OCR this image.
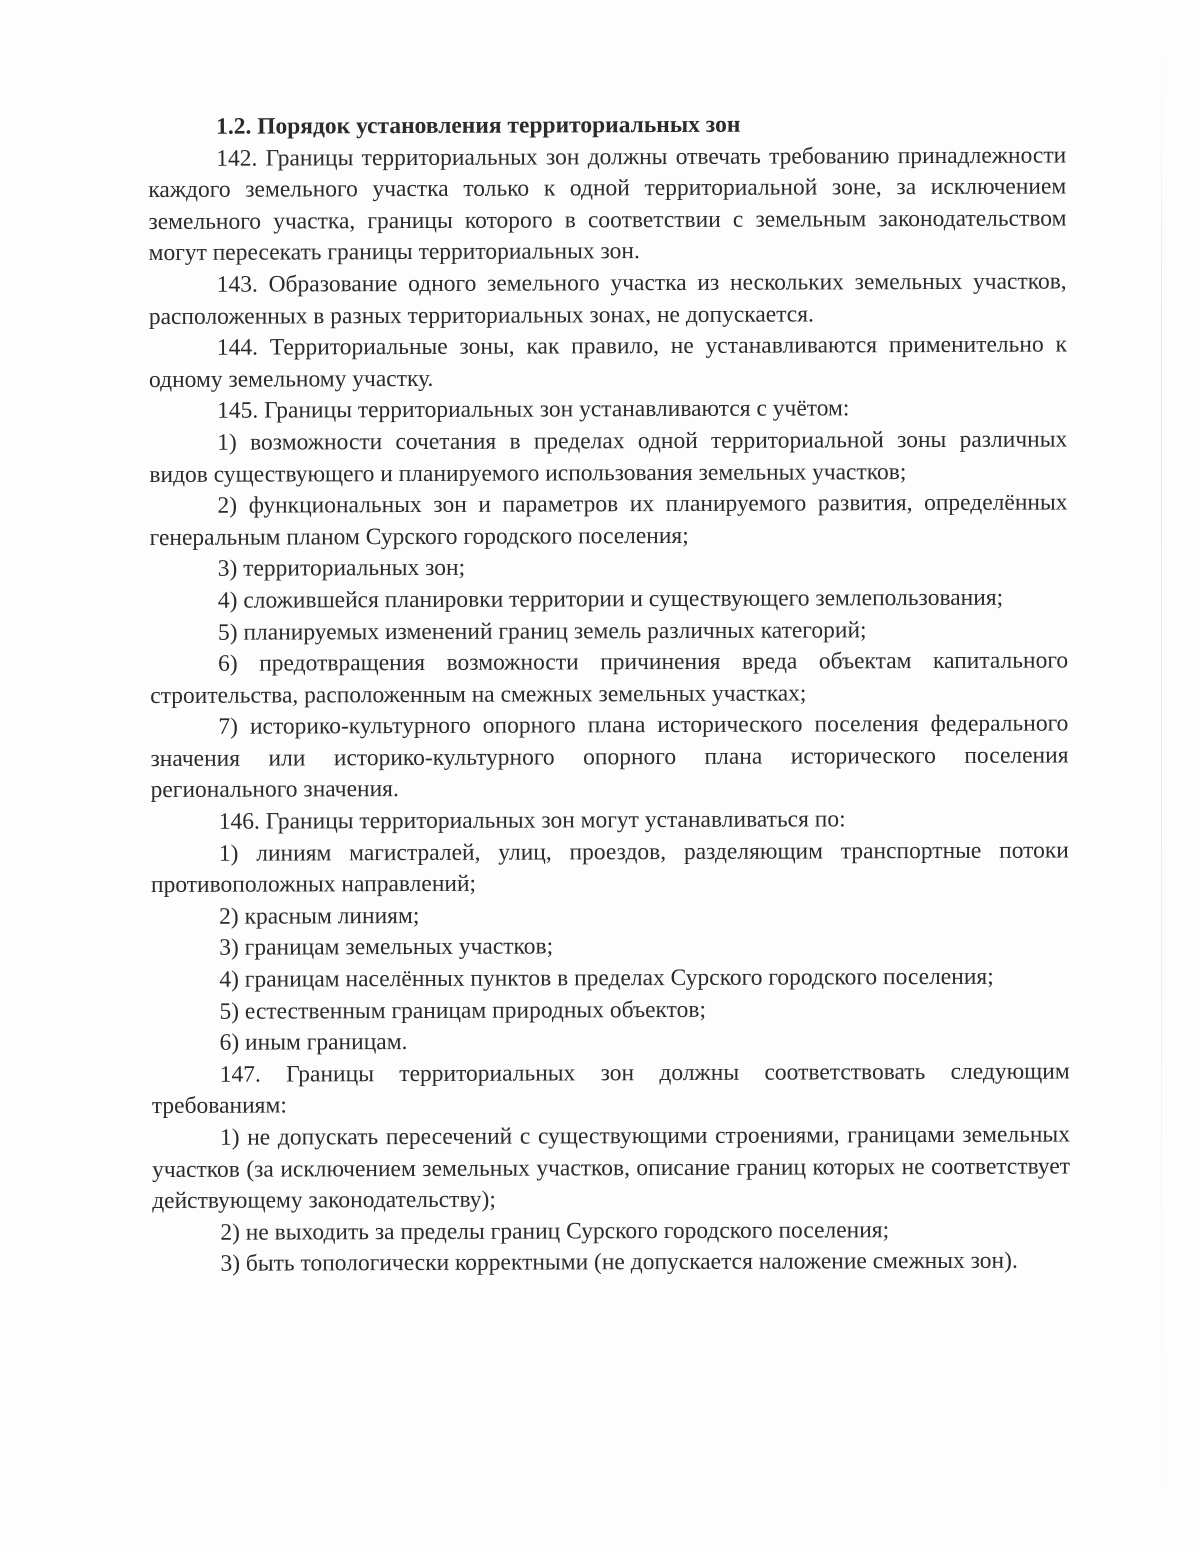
1.2. Порядок установления территориальных зон

142. Границы территориальных зон должны отвечать требованию принадлежности каждого земельного участка только к одной территориальной зоне, за исключением земельного участка, границы которого в соответствии с земельным законодательством могут пересекать границы территориальных зон.

143. Образование одного земельного участка из нескольких земельных участков, расположенных в разных территориальных зонах, не допускается.

144. Территориальные зоны, как правило, не устанавливаются применительно к одному земельному участку.

145. Границы территориальных зон устанавливаются с учётом:

1) возможности сочетания в пределах одной территориальной зоны различных видов существующего и планируемого использования земельных участков;

2) функциональных зон и параметров их планируемого развития, определённых генеральным планом Сурского городского поселения;

3) территориальных зон;

4) сложившейся планировки территории и существующего землепользования;

5) планируемых изменений границ земель различных категорий;

6) предотвращения возможности причинения вреда объектам капитального строительства, расположенным на смежных земельных участках;

7) историко-культурного опорного плана исторического поселения федерального значения или историко-культурного опорного плана исторического поселения регионального значения.

146. Границы территориальных зон могут устанавливаться по:

1) линиям магистралей, улиц, проездов, разделяющим транспортные потоки противоположных направлений;

2) красным линиям;

3) границам земельных участков;

4) границам населённых пунктов в пределах Сурского городского поселения;

5) естественным границам природных объектов;

6) иным границам.

147. Границы территориальных зон должны соответствовать следующим требованиям:

1) не допускать пересечений с существующими строениями, границами земельных участков (за исключением земельных участков, описание границ которых не соответствует действующему законодательству);

2) не выходить за пределы границ Сурского городского поселения;

3) быть топологически корректными (не допускается наложение смежных зон).
